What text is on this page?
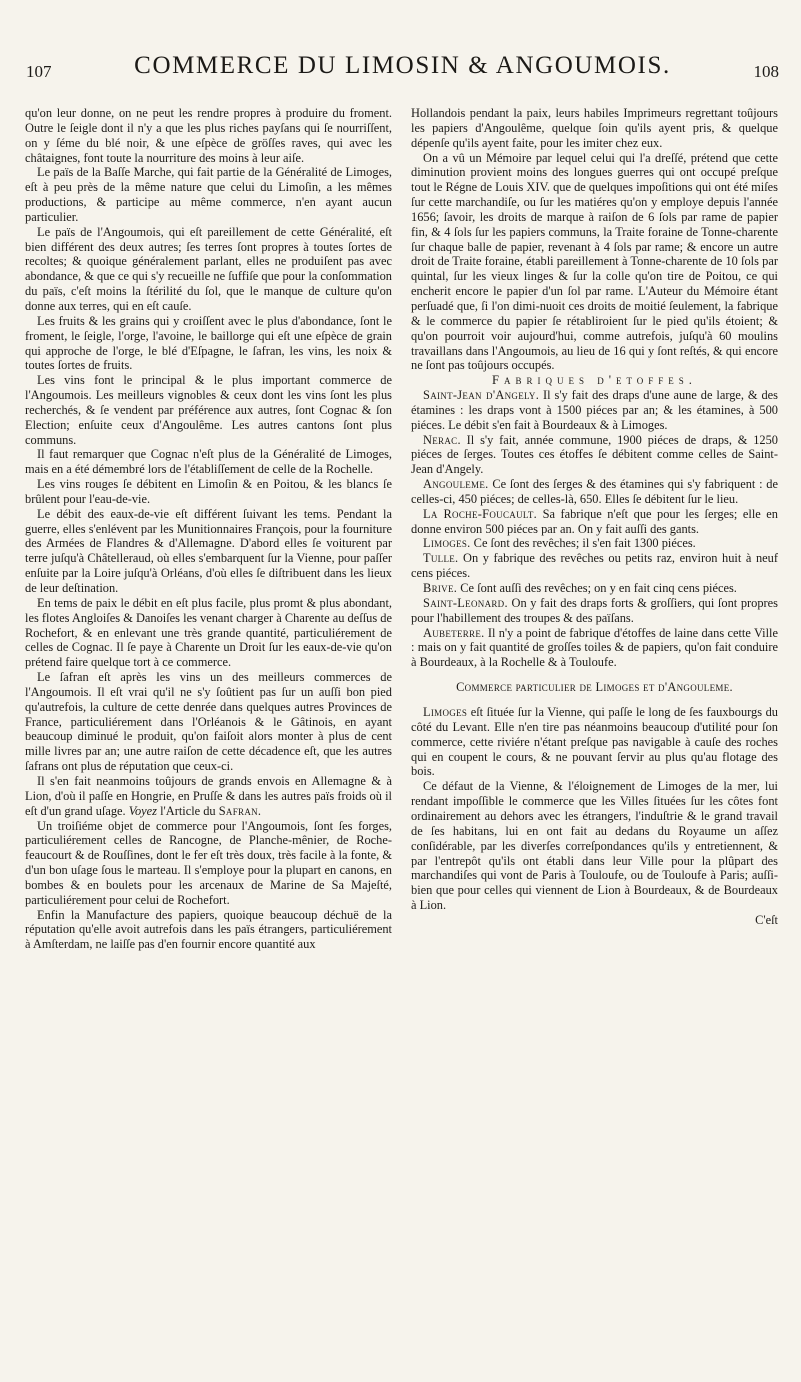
107	COMMERCE DU LIMOSIN & ANGOUMOIS.	108

qu'on leur donne, on ne peut les rendre propres à produire du froment. Outre le ſeigle dont il n'y a que les plus riches payſans qui ſe nourriſſent, on y ſéme du blé noir, & une eſpèce de gröſſes raves, qui avec les châtaignes, font toute la nourriture des moins à leur aiſe.

Le païs de la Baſſe Marche, qui fait partie de la Généralité de Limoges, eſt à peu près de la même nature que celui du Limoſin, a les mêmes productions, & participe au même commerce, n'en ayant aucun particulier.

Le païs de l'Angoumois, qui eſt pareillement de cette Généralité, eſt bien différent des deux autres; ſes terres ſont propres à toutes ſortes de recoltes; & quoique généralement parlant, elles ne produiſent pas avec abondance, & que ce qui s'y recueille ne ſuffiſe que pour la conſommation du païs, c'eſt moins la ſtérilité du ſol, que le manque de culture qu'on donne aux terres, qui en eſt cauſe.

Les fruits & les grains qui y croiſſent avec le plus d'abondance, ſont le froment, le ſeigle, l'orge, l'avoine, le baillorge qui eſt une eſpèce de grain qui approche de l'orge, le blé d'Eſpagne, le ſafran, les vins, les noix & toutes ſortes de fruits.

Les vins font le principal & le plus important commerce de l'Angoumois. Les meilleurs vignobles & ceux dont les vins ſont les plus recherchés, & ſe vendent par préférence aux autres, ſont Cognac & ſon Election; enſuite ceux d'Angoulême. Les autres cantons ſont plus communs.

Il faut remarquer que Cognac n'eſt plus de la Généralité de Limoges, mais en a été démembré lors de l'établiſſement de celle de la Rochelle.

Les vins rouges ſe débitent en Limoſin & en Poitou, & les blancs ſe brûlent pour l'eau-de-vie.

Le débit des eaux-de-vie eſt différent ſuivant les tems. Pendant la guerre, elles s'enlévent par les Munitionnaires François, pour la fourniture des Armées de Flandres & d'Allemagne. D'abord elles ſe voiturent par terre juſqu'à Châtelleraud, où elles s'embarquent ſur la Vienne, pour paſſer enſuite par la Loire juſqu'à Orléans, d'où elles ſe diſtribuent dans les lieux de leur deſtination.

En tems de paix le débit en eſt plus facile, plus promt & plus abondant, les flotes Angloiſes & Danoiſes les venant charger à Charente au deſſus de Rochefort, & en enlevant une très grande quantité, particuliérement de celles de Cognac. Il ſe paye à Charente un Droit ſur les eaux-de-vie qu'on prétend faire quelque tort à ce commerce.

Le ſafran eſt après les vins un des meilleurs commerces de l'Angoumois. Il eſt vrai qu'il ne s'y ſoûtient pas ſur un auſſi bon pied qu'autrefois, la culture de cette denrée dans quelques autres Provinces de France, particuliérement dans l'Orléanois & le Gâtinois, en ayant beaucoup diminué le produit, qu'on faiſoit alors monter à plus de cent mille livres par an; une autre raiſon de cette décadence eſt, que les autres ſafrans ont plus de réputation que ceux-ci.

Il s'en fait neanmoins toûjours de grands envois en Allemagne & à Lion, d'où il paſſe en Hongrie, en Pruſſe & dans les autres païs froids où il eſt d'un grand uſage. Voyez l'Article du Safran.

Un troiſiéme objet de commerce pour l'Angoumois, ſont ſes forges, particuliérement celles de Rancogne, de Planche-mênier, de Roche-feaucourt & de Rouſſines, dont le fer eſt très doux, très facile à la fonte, & d'un bon uſage ſous le marteau. Il s'employe pour la plupart en canons, en bombes & en boulets pour les arcenaux de Marine de Sa Majeſté, particuliérement pour celui de Rochefort.

Enfin la Manufacture des papiers, quoique beaucoup déchuë de la réputation qu'elle avoit autrefois dans les païs étrangers, particuliérement à Amſterdam, ne laiſſe pas d'en fournir encore quantité aux

Hollandois pendant la paix, leurs habiles Imprimeurs regrettant toûjours les papiers d'Angoulême, quelque ſoin qu'ils ayent pris, & quelque dépenſe qu'ils ayent faite, pour les imiter chez eux.

On a vû un Mémoire par lequel celui qui l'a dreſſé, prétend que cette diminution provient moins des longues guerres qui ont occupé preſque tout le Régne de Louis XIV. que de quelques impoſitions qui ont été miſes ſur cette marchandiſe, ou ſur les matiéres qu'on y employe depuis l'année 1656; ſavoir, les droits de marque à raiſon de 6 ſols par rame de papier fin, & 4 ſols ſur les papiers communs, la Traite foraine de Tonne-charente ſur chaque balle de papier, revenant à 4 ſols par rame; & encore un autre droit de Traite foraine, établi pareillement à Tonne-charente de 10 ſols par quintal, ſur les vieux linges & ſur la colle qu'on tire de Poitou, ce qui encherit encore le papier d'un ſol par rame. L'Auteur du Mémoire étant perſuadé que, ſi l'on dimi-nuoit ces droits de moitié ſeulement, la fabrique & le commerce du papier ſe rétabliroient ſur le pied qu'ils étoient; & qu'on pourroit voir aujourd'hui, comme autrefois, juſqu'à 60 moulins travaillans dans l'Angoumois, au lieu de 16 qui y ſont reſtés, & qui encore ne ſont pas toûjours occupés.

Fabriques d'etoffes.

Saint-Jean d'Angely. Il s'y fait des draps d'une aune de large, & des étamines : les draps vont à 1500 piéces par an; & les étamines, à 500 piéces. Le débit s'en fait à Bourdeaux & à Limoges.

Nerac. Il s'y fait, année commune, 1900 piéces de draps, & 1250 piéces de ſerges. Toutes ces étoffes ſe débitent comme celles de Saint-Jean d'Angely.

Angouleme. Ce ſont des ſerges & des étamines qui s'y fabriquent : de celles-ci, 450 piéces; de celles-là, 650. Elles ſe débitent ſur le lieu.

La Roche-Foucault. Sa fabrique n'eſt que pour les ſerges; elle en donne environ 500 piéces par an. On y fait auſſi des gants.

Limoges. Ce ſont des revêches; il s'en fait 1300 piéces.

Tulle. On y fabrique des revêches ou petits raz, environ huit à neuf cens piéces.

Brive. Ce ſont auſſi des revêches; on y en fait cinq cens piéces.

Saint-Leonard. On y fait des draps forts & groſſiers, qui ſont propres pour l'habillement des troupes & des païſans.

Aubeterre. Il n'y a point de fabrique d'étoffes de laine dans cette Ville : mais on y fait quantité de groſſes toiles & de papiers, qu'on fait conduire à Bourdeaux, à la Rochelle & à Touloufe.

Commerce particulier de Limoges et d'Angouleme.

Limoges eſt ſituée ſur la Vienne, qui paſſe le long de ſes fauxbourgs du côté du Levant. Elle n'en tire pas néanmoins beaucoup d'utilité pour ſon commerce, cette riviére n'étant preſque pas navigable à cauſe des roches qui en coupent le cours, & ne pouvant ſervir au plus qu'au flotage des bois.

Ce défaut de la Vienne, & l'éloignement de Limoges de la mer, lui rendant impoſſible le commerce que les Villes ſituées ſur les côtes font ordinairement au dehors avec les étrangers, l'induſtrie & le grand travail de ſes habitans, lui en ont fait au dedans du Royaume un aſſez conſidérable, par les diverſes correſpondances qu'ils y entretiennent, & par l'entrepôt qu'ils ont établi dans leur Ville pour la plûpart des marchandiſes qui vont de Paris à Touloufe, ou de Touloufe à Paris; auſſi-bien que pour celles qui viennent de Lion à Bourdeaux, & de Bourdeaux à Lion.

C'eſt
